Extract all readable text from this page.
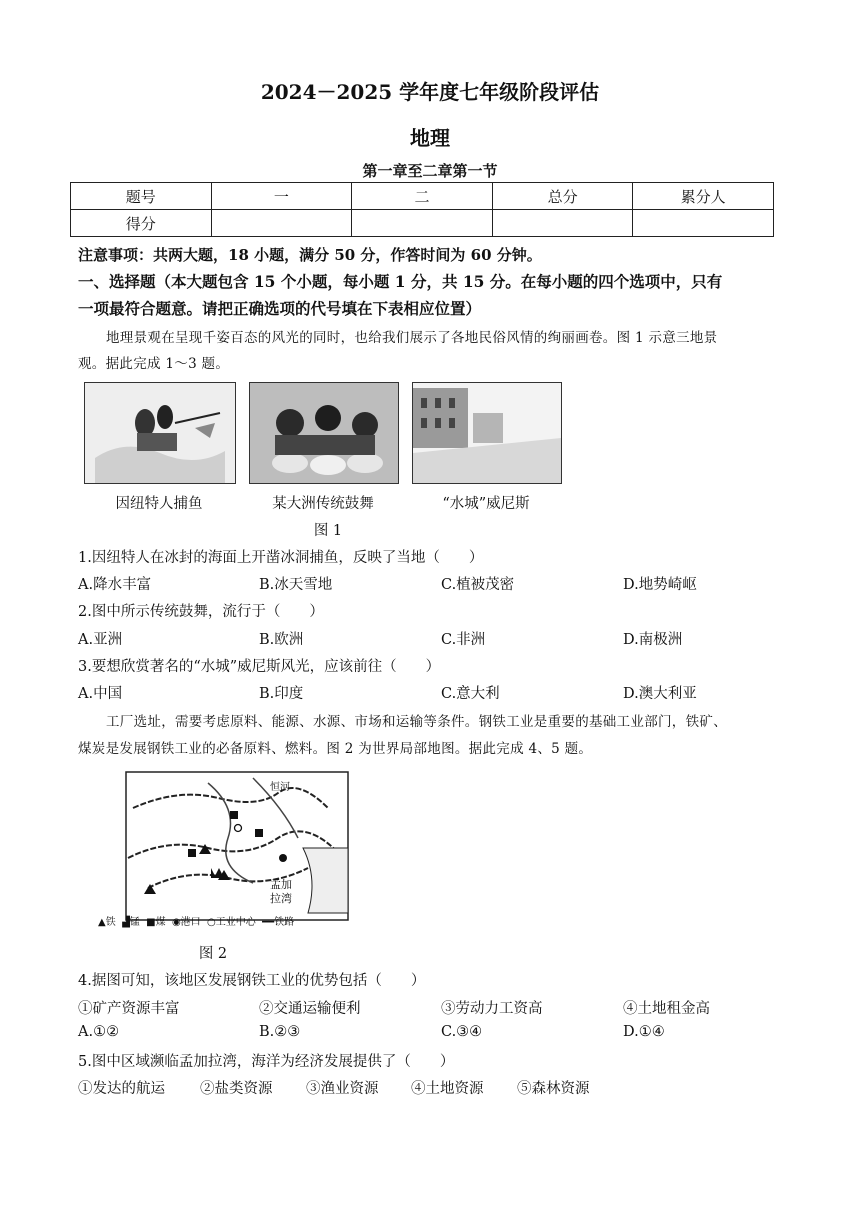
2024－2025 学年度七年级阶段评估
地理
第一章至二章第一节
题号	一	二	总分	累分人
得分				
注意事项：共两大题，18 小题，满分 50 分，作答时间为 60 分钟。
一、选择题（本大题包含 15 个小题，每小题 1 分，共 15 分。在每小题的四个选项中，只有
一项最符合题意。请把正确选项的代号填在下表相应位置）
地理景观在呈现千姿百态的风光的同时，也给我们展示了各地民俗风情的绚丽画卷。图 1 示意三地景
观。据此完成 1～3 题。
因纽特人捕鱼	某大洲传统鼓舞	“水城”威尼斯
图 1
1.因纽特人在冰封的海面上开凿冰洞捕鱼，反映了当地（　　）
A.降水丰富	B.冰天雪地	C.植被茂密	D.地势崎岖
2.图中所示传统鼓舞，流行于（　　）
A.亚洲	B.欧洲	C.非洲	D.南极洲
3.要想欣赏著名的“水城”威尼斯风光，应该前往（　　）
A.中国	B.印度	C.意大利	D.澳大利亚
工厂选址，需要考虑原料、能源、水源、市场和运输等条件。钢铁工业是重要的基础工业部门，铁矿、
煤炭是发展钢铁工业的必备原料、燃料。图 2 为世界局部地图。据此完成 4、5 题。
恒河
孟加
拉湾
▲铁 ▟锰 ■煤 ◉港口 ○工业中心 ━━铁路
图 2
4.据图可知，该地区发展钢铁工业的优势包括（　　）
①矿产资源丰富	②交通运输便利	③劳动力工资高	④土地租金高
A.①②	B.②③	C.③④	D.①④
5.图中区域濒临孟加拉湾，海洋为经济发展提供了（　　）
①发达的航运 ②盐类资源 ③渔业资源 ④土地资源 ⑤森林资源
